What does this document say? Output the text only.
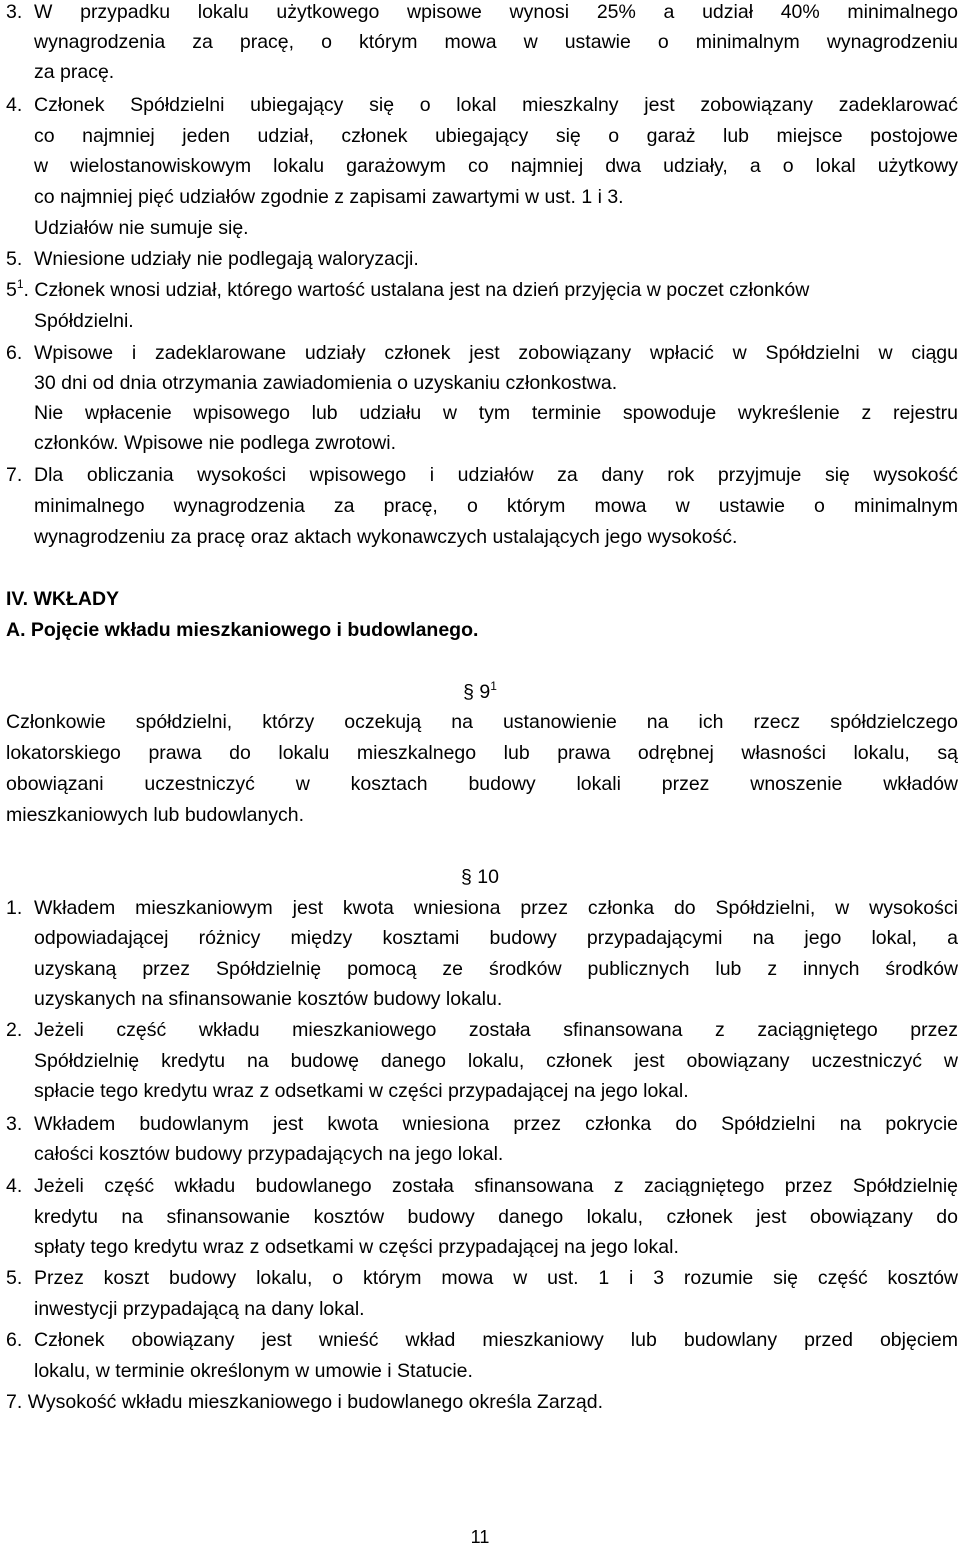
3. W przypadku lokalu użytkowego wpisowe wynosi 25% a udział 40% minimalnego
wynagrodzenia za pracę, o którym mowa w ustawie o minimalnym wynagrodzeniu
za pracę.
4. Członek Spółdzielni ubiegający się o lokal mieszkalny jest zobowiązany zadeklarować
co najmniej jeden udział, członek ubiegający się o garaż lub miejsce postojowe
w wielostanowiskowym lokalu garażowym co najmniej dwa udziały, a o lokal użytkowy
co najmniej pięć udziałów zgodnie z zapisami zawartymi w ust. 1 i 3.
Udziałów nie sumuje się.
5. Wniesione udziały nie podlegają waloryzacji.
$5^1$. Członek wnosi udział, którego wartość ustalana jest na dzień przyjęcia w poczet członków
Spółdzielni.
6. Wpisowe i zadeklarowane udziały członek jest zobowiązany wpłacić w Spółdzielni w ciągu
30 dni od dnia otrzymania zawiadomienia o uzyskaniu członkostwa.
Nie wpłacenie wpisowego lub udziału w tym terminie spowoduje wykreślenie z rejestru
członków. Wpisowe nie podlega zwrotowi.
7. Dla obliczania wysokości wpisowego i udziałów za dany rok przyjmuje się wysokość
minimalnego wynagrodzenia za pracę, o którym mowa w ustawie o minimalnym
wynagrodzeniu za pracę oraz aktach wykonawczych ustalających jego wysokość.
IV. WKŁADY
A. Pojęcie wkładu mieszkaniowego i budowlanego.
§ $9^1$
Członkowie spółdzielni, którzy oczekują na ustanowienie na ich rzecz spółdzielczego
lokatorskiego prawa do lokalu mieszkalnego lub prawa odrębnej własności lokalu, są
obowiązani uczestniczyć w kosztach budowy lokali przez wnoszenie wkładów
mieszkaniowych lub budowlanych.
§ 10
1. Wkładem mieszkaniowym jest kwota wniesiona przez członka do Spółdzielni, w wysokości
odpowiadającej różnicy między kosztami budowy przypadającymi na jego lokal, a
uzyskaną przez Spółdzielnię pomocą ze środków publicznych lub z innych środków
uzyskanych na sfinansowanie kosztów budowy lokalu.
2. Jeżeli część wkładu mieszkaniowego została sfinansowana z zaciągniętego przez
Spółdzielnię kredytu na budowę danego lokalu, członek jest obowiązany uczestniczyć w
spłacie tego kredytu wraz z odsetkami w części przypadającej na jego lokal.
3. Wkładem budowlanym jest kwota wniesiona przez członka do Spółdzielni na pokrycie
całości kosztów budowy przypadających na jego lokal.
4. Jeżeli część wkładu budowlanego została sfinansowana z zaciągniętego przez Spółdzielnię
kredytu na sfinansowanie kosztów budowy danego lokalu, członek jest obowiązany do
spłaty tego kredytu wraz z odsetkami w części przypadającej na jego lokal.
5. Przez koszt budowy lokalu, o którym mowa w ust. 1 i 3 rozumie się część kosztów
inwestycji przypadającą na dany lokal.
6. Członek obowiązany jest wnieść wkład mieszkaniowy lub budowlany przed objęciem
lokalu, w terminie określonym w umowie i Statucie.
7. Wysokość wkładu mieszkaniowego i budowlanego określa Zarząd.
11
